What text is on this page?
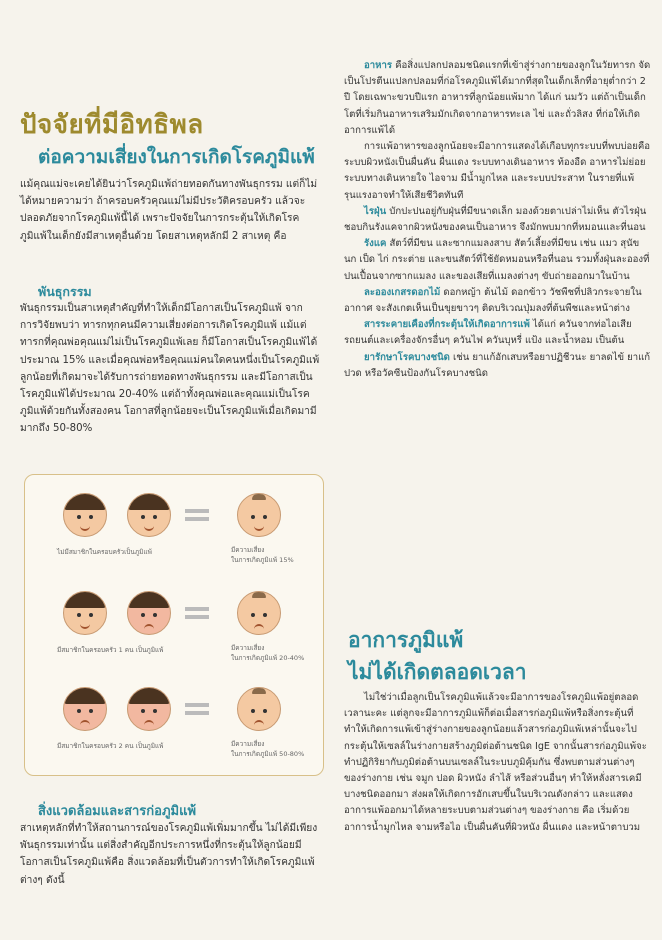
ปัจจัยที่มีอิทธิพล
ต่อความเสี่ยงในการเกิดโรคภูมิแพ้
แม้คุณแม่จะเคยได้ยินว่าโรคภูมิแพ้ถ่ายทอดกันทางพันธุกรรม แต่ก็ไม่ได้หมายความว่า ถ้าครอบครัวคุณแม่ไม่มีประวัติครอบครัว แล้วจะปลอดภัยจากโรคภูมิแพ้นี้ได้ เพราะปัจจัยในการกระตุ้นให้เกิดโรคภูมิแพ้ในเด็กยังมีสาเหตุอื่นด้วย โดยสาเหตุหลักมี 2 สาเหตุ คือ
พันธุกรรม
พันธุกรรมเป็นสาเหตุสำคัญที่ทำให้เด็กมีโอกาสเป็นโรคภูมิแพ้ จากการวิจัยพบว่า ทารกทุกคนมีความเสี่ยงต่อการเกิดโรคภูมิแพ้ แม้แต่ทารกที่คุณพ่อคุณแม่ไม่เป็นโรคภูมิแพ้เลย ก็มีโอกาสเป็นโรคภูมิแพ้ได้ประมาณ 15% และเมื่อคุณพ่อหรือคุณแม่คนใดคนหนึ่งเป็นโรคภูมิแพ้ ลูกน้อยที่เกิดมาจะได้รับการถ่ายทอดทางพันธุกรรม และมีโอกาสเป็นโรคภูมิแพ้ได้ประมาณ 20-40% แต่ถ้าทั้งคุณพ่อและคุณแม่เป็นโรคภูมิแพ้ด้วยกันทั้งสองคน โอกาสที่ลูกน้อยจะเป็นโรคภูมิแพ้เมื่อเกิดมามีมากถึง 50-80%
ไม่มีสมาชิกในครอบครัวเป็นภูมิแพ้	มีความเสี่ยง
ในการเกิดภูมิแพ้ 15%
มีสมาชิกในครอบครัว 1 คน เป็นภูมิแพ้	มีความเสี่ยง
ในการเกิดภูมิแพ้ 20-40%
มีสมาชิกในครอบครัว 2 คน เป็นภูมิแพ้	มีความเสี่ยง
ในการเกิดภูมิแพ้ 50-80%
สิ่งแวดล้อมและสารก่อภูมิแพ้
สาเหตุหลักที่ทำให้สถานการณ์ของโรคภูมิแพ้เพิ่มมากขึ้น ไม่ได้มีเพียงพันธุกรรมเท่านั้น แต่สิ่งสำคัญอีกประการหนึ่งที่กระตุ้นให้ลูกน้อยมีโอกาสเป็นโรคภูมิแพ้คือ สิ่งแวดล้อมที่เป็นตัวการทำให้เกิดโรคภูมิแพ้ต่างๆ ดังนี้

อาหาร คือสิ่งแปลกปลอมชนิดแรกที่เข้าสู่ร่างกายของลูกในวัยทารก จัดเป็นโปรตีนแปลกปลอมที่ก่อโรคภูมิแพ้ได้มากที่สุดในเด็กเล็กที่อายุต่ำกว่า 2 ปี โดยเฉพาะขวบปีแรก อาหารที่ลูกน้อยแพ้มาก ได้แก่ นมวัว แต่ถ้าเป็นเด็กโตที่เริ่มกินอาหารเสริมมักเกิดจากอาหารทะเล ไข่ และถั่วลิสง ที่ก่อให้เกิดอาการแพ้ได้

การแพ้อาหารของลูกน้อยจะมีอาการแสดงได้เกือบทุกระบบที่พบบ่อยคือ ระบบผิวหนังเป็นผื่นคัน ผื่นแดง ระบบทางเดินอาหาร ท้องอืด อาหารไม่ย่อย ระบบทางเดินหายใจ ไอจาม มีน้ำมูกไหล และระบบประสาท ในรายที่แพ้รุนแรงอาจทำให้เสียชีวิตทันที

ไรฝุ่น บักปะปนอยู่กับฝุ่นที่มีขนาดเล็ก มองด้วยตาเปล่าไม่เห็น ตัวไรฝุ่นชอบกินรังแคจากผิวหนังของคนเป็นอาหาร จึงมักพบมากที่หมอนและที่นอน

รังแค สัตว์ที่มีขน และซากแมลงสาบ สัตว์เลี้ยงที่มีขน เช่น แมว สุนัข นก เป็ด ไก่ กระต่าย และขนสัตว์ที่ใช้ยัดหมอนหรือที่นอน รวมทั้งฝุ่นละอองที่ปนเปื้อนจากซากแมลง และของเสียที่แมลงต่างๆ ขับถ่ายออกมาในบ้าน

ละอองเกสรดอกไม้ ดอกหญ้า ต้นไม้ ดอกข้าว วัชพืชที่ปลิวกระจายในอากาศ จะสังเกตเห็นเป็นขุยขาวๆ ติดบริเวณปุ่มลงที่ต้นพืชและหน้าต่าง

สารระคายเคืองที่กระตุ้นให้เกิดอาการแพ้ ได้แก่ ควันจากท่อไอเสียรถยนต์และเครื่องจักรอื่นๆ ควันไฟ ควันบุหรี่ แป้ง และน้ำหอม เป็นต้น

ยารักษาโรคบางชนิด เช่น ยาแก้อักเสบหรือยาปฏิชีวนะ ยาลดไข้ ยาแก้ปวด หรือวัคซีนป้องกันโรคบางชนิด

อาการภูมิแพ้
ไม่ได้เกิดตลอดเวลา
ไม่ใช่ว่าเมื่อลูกเป็นโรคภูมิแพ้แล้วจะมีอาการของโรคภูมิแพ้อยู่ตลอดเวลานะคะ แต่ลูกจะมีอาการภูมิแพ้ก็ต่อเมื่อสารก่อภูมิแพ้หรือสิ่งกระตุ้นที่ทำให้เกิดการแพ้เข้าสู่ร่างกายของลูกน้อยแล้วสารก่อภูมิแพ้เหล่านั้นจะไปกระตุ้นให้เซลล์ในร่างกายสร้างภูมิต่อต้านชนิด IgE จากนั้นสารก่อภูมิแพ้จะทำปฏิกิริยากับภูมิต่อต้านบนเซลล์ในระบบภูมิคุ้มกัน ซึ่งพบตามส่วนต่างๆ ของร่างกาย เช่น จมูก ปอด ผิวหนัง ลำไส้ หรือส่วนอื่นๆ ทำให้หลั่งสารเคมีบางชนิดออกมา ส่งผลให้เกิดการอักเสบขึ้นในบริเวณดังกล่าว และแสดงอาการแพ้ออกมาได้หลายระบบตามส่วนต่างๆ ของร่างกาย คือ เริ่มด้วยอาการน้ำมูกไหล จามหรือไอ เป็นผื่นคันที่ผิวหนัง ผื่นแดง และหน้าตาบวม
